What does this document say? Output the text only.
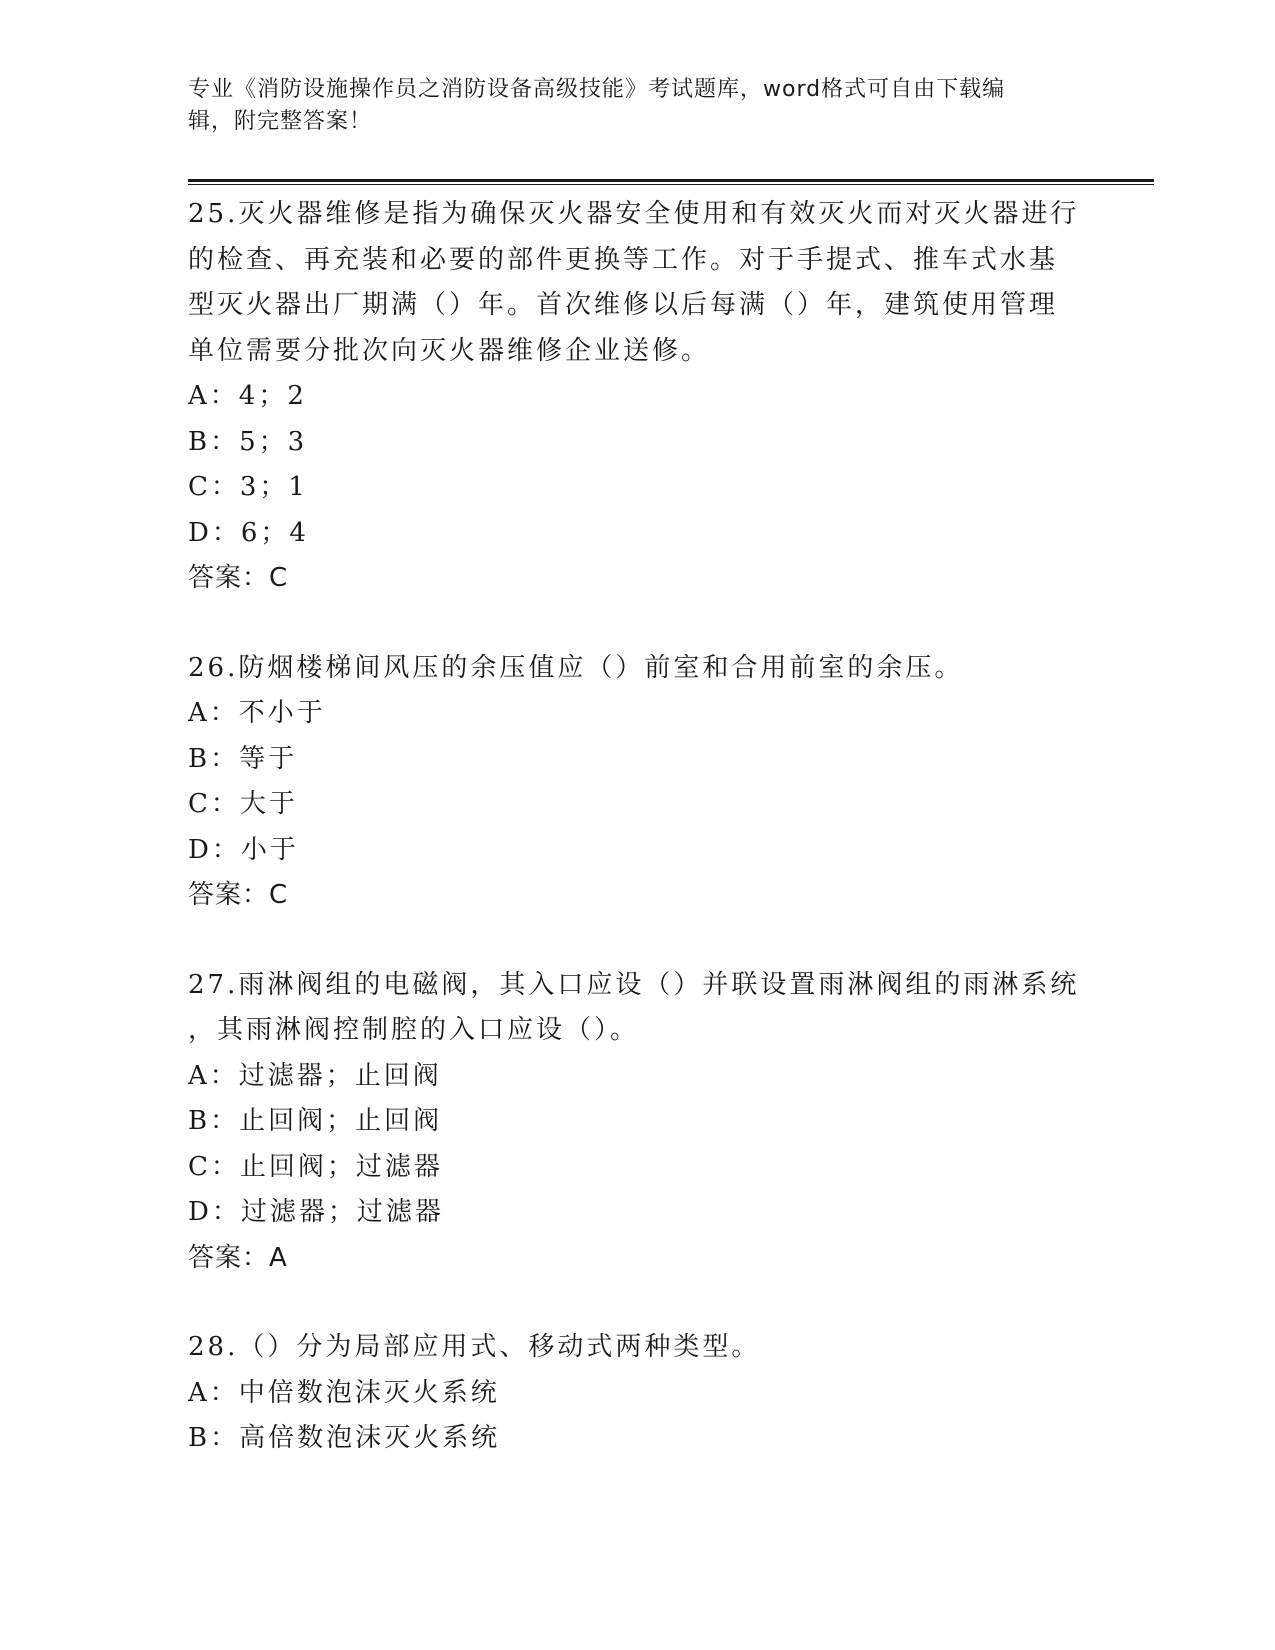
专业《消防设施操作员之消防设备高级技能》考试题库，word格式可自由下载编
辑，附完整答案！
25.灭火器维修是指为确保灭火器安全使用和有效灭火而对灭火器进行
的检查、再充装和必要的部件更换等工作。对于手提式、推车式水基
型灭火器出厂期满（）年。首次维修以后每满（）年，建筑使用管理
单位需要分批次向灭火器维修企业送修。
A：4；2
B：5；3
C：3；1
D：6；4
答案：C
26.防烟楼梯间风压的余压值应（）前室和合用前室的余压。
A：不小于
B：等于
C：大于
D：小于
答案：C
27.雨淋阀组的电磁阀，其入口应设（）并联设置雨淋阀组的雨淋系统
，其雨淋阀控制腔的入口应设（）。
A：过滤器；止回阀
B：止回阀；止回阀
C：止回阀；过滤器
D：过滤器；过滤器
答案：A
28.（）分为局部应用式、移动式两种类型。
A：中倍数泡沫灭火系统
B：高倍数泡沫灭火系统
